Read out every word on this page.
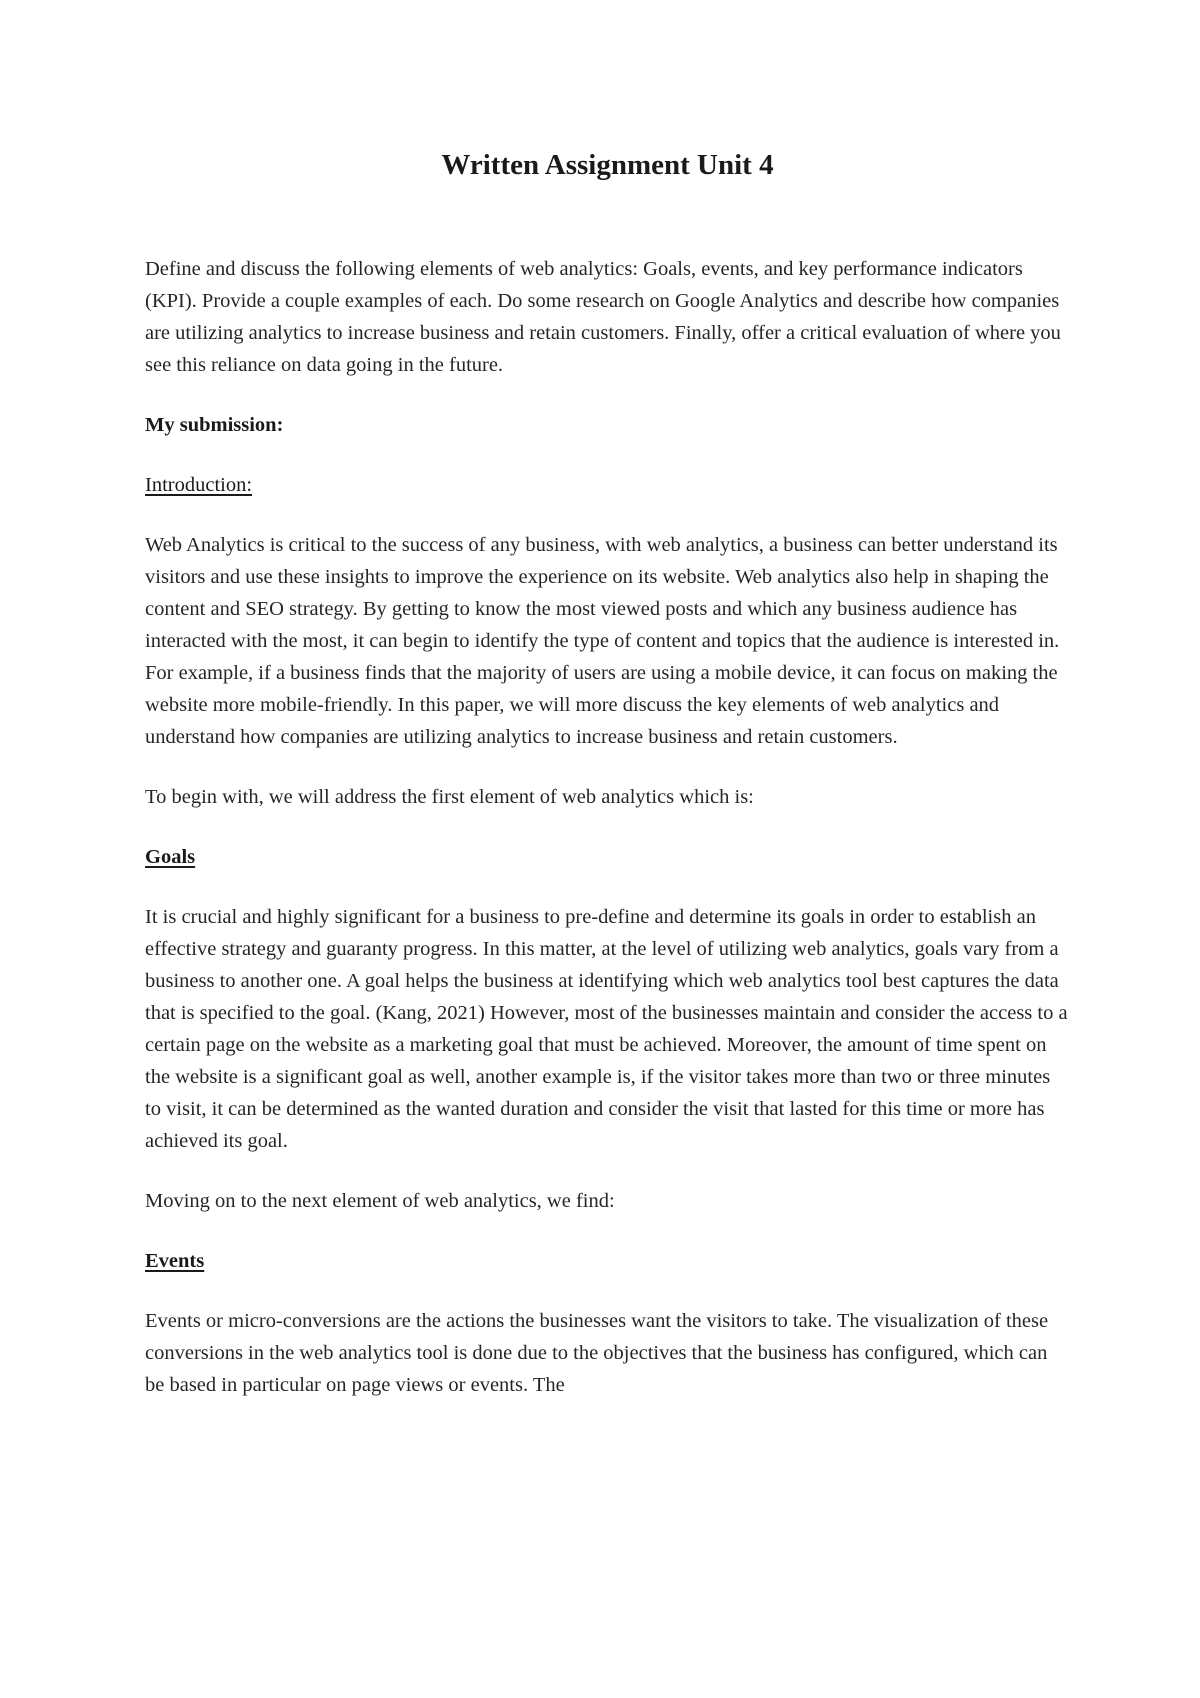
Written Assignment Unit 4

Define and discuss the following elements of web analytics: Goals, events, and key performance indicators (KPI). Provide a couple examples of each. Do some research on Google Analytics and describe how companies are utilizing analytics to increase business and retain customers. Finally, offer a critical evaluation of where you see this reliance on data going in the future.

My submission:

Introduction:

Web Analytics is critical to the success of any business, with web analytics, a business can better understand its visitors and use these insights to improve the experience on its website. Web analytics also help in shaping the content and SEO strategy. By getting to know the most viewed posts and which any business audience has interacted with the most, it can begin to identify the type of content and topics that the audience is interested in. For example, if a business finds that the majority of users are using a mobile device, it can focus on making the website more mobile-friendly. In this paper, we will more discuss the key elements of web analytics and understand how companies are utilizing analytics to increase business and retain customers.

To begin with, we will address the first element of web analytics which is:

Goals

It is crucial and highly significant for a business to pre-define and determine its goals in order to establish an effective strategy and guaranty progress. In this matter, at the level of utilizing web analytics, goals vary from a business to another one. A goal helps the business at identifying which web analytics tool best captures the data that is specified to the goal. (Kang, 2021) However, most of the businesses maintain and consider the access to a certain page on the website as a marketing goal that must be achieved. Moreover, the amount of time spent on the website is a significant goal as well, another example is, if the visitor takes more than two or three minutes to visit, it can be determined as the wanted duration and consider the visit that lasted for this time or more has achieved its goal.

Moving on to the next element of web analytics, we find:

Events

Events or micro-conversions are the actions the businesses want the visitors to take. The visualization of these conversions in the web analytics tool is done due to the objectives that the business has configured, which can be based in particular on page views or events. The
